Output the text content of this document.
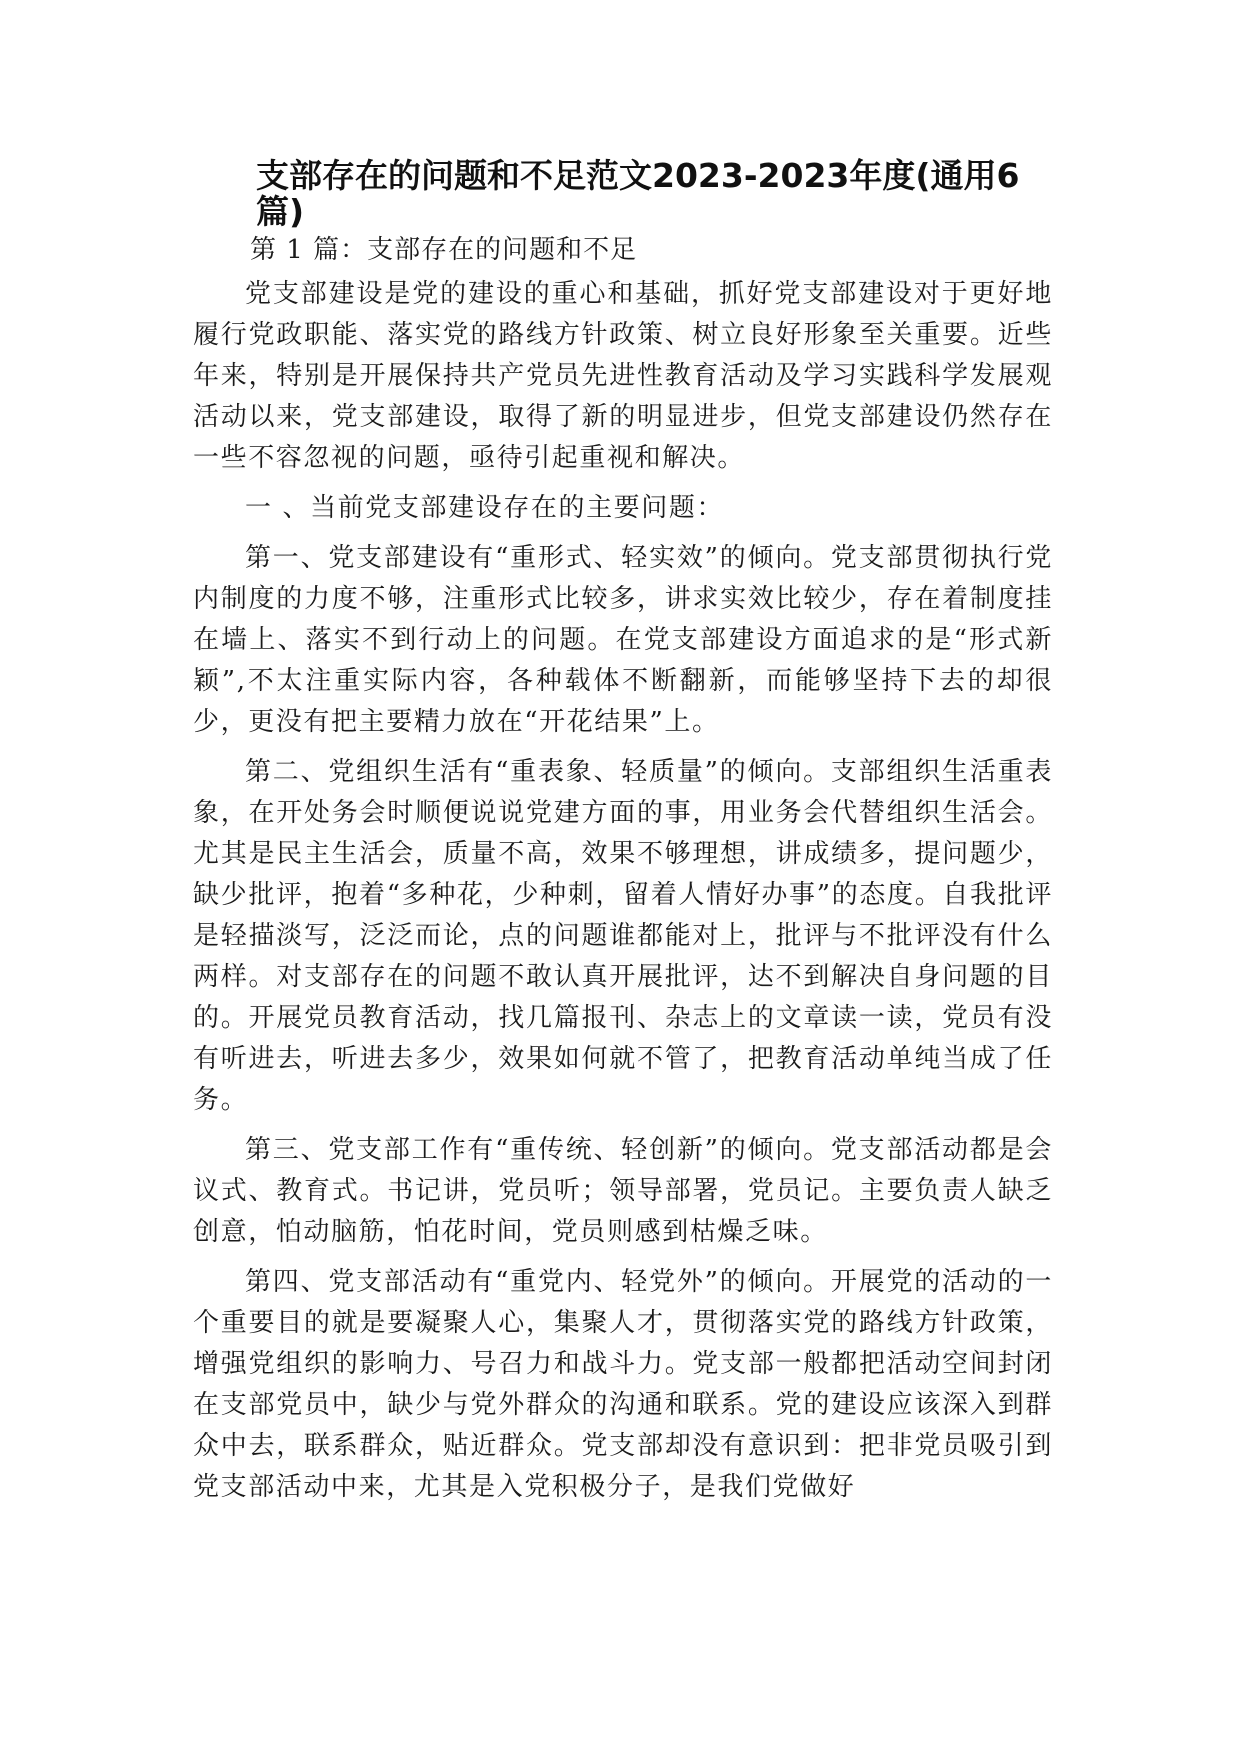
支部存在的问题和不足范文2023-2023年度(通用6篇)
第 1 篇：支部存在的问题和不足

党支部建设是党的建设的重心和基础，抓好党支部建设对于更好地履行党政职能、落实党的路线方针政策、树立良好形象至关重要。近些年来，特别是开展保持共产党员先进性教育活动及学习实践科学发展观活动以来，党支部建设，取得了新的明显进步，但党支部建设仍然存在一些不容忽视的问题，亟待引起重视和解决。

一 、当前党支部建设存在的主要问题：

第一、党支部建设有“重形式、轻实效”的倾向。党支部贯彻执行党内制度的力度不够，注重形式比较多，讲求实效比较少，存在着制度挂在墙上、落实不到行动上的问题。在党支部建设方面追求的是“形式新颖”,不太注重实际内容，各种载体不断翻新，而能够坚持下去的却很少，更没有把主要精力放在“开花结果”上。

第二、党组织生活有“重表象、轻质量”的倾向。支部组织生活重表象，在开处务会时顺便说说党建方面的事，用业务会代替组织生活会。尤其是民主生活会，质量不高，效果不够理想，讲成绩多，提问题少，缺少批评，抱着“多种花，少种刺，留着人情好办事”的态度。自我批评是轻描淡写，泛泛而论，点的问题谁都能对上，批评与不批评没有什么两样。对支部存在的问题不敢认真开展批评，达不到解决自身问题的目的。开展党员教育活动，找几篇报刊、杂志上的文章读一读，党员有没有听进去，听进去多少，效果如何就不管了，把教育活动单纯当成了任务。

第三、党支部工作有“重传统、轻创新”的倾向。党支部活动都是会议式、教育式。书记讲，党员听；领导部署，党员记。主要负责人缺乏创意，怕动脑筋，怕花时间，党员则感到枯燥乏味。

第四、党支部活动有“重党内、轻党外”的倾向。开展党的活动的一个重要目的就是要凝聚人心，集聚人才，贯彻落实党的路线方针政策，增强党组织的影响力、号召力和战斗力。党支部一般都把活动空间封闭在支部党员中，缺少与党外群众的沟通和联系。党的建设应该深入到群众中去，联系群众，贴近群众。党支部却没有意识到：把非党员吸引到党支部活动中来，尤其是入党积极分子，是我们党做好
